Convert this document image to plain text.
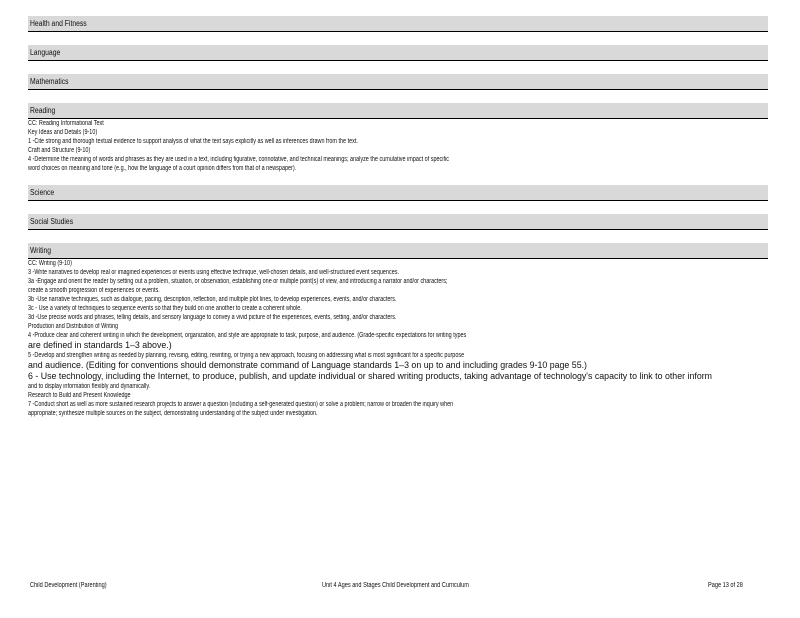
Health and Fitness
Language
Mathematics
Reading
CC: Reading Informational Text
Key Ideas and Details (9-10)
1 -Cite strong and thorough textual evidence to support analysis of what the text says explicitly as well as inferences drawn from the text.
Craft and Structure (9-10)
4 -Determine the meaning of words and phrases as they are used in a text, including figurative, connotative, and technical meanings; analyze the cumulative impact of specific
word choices on meaning and tone (e.g., how the language of a court opinion differs from that of a newspaper).
Science
Social Studies
Writing
CC: Writing (9-10)
3 -Write narratives to develop real or imagined experiences or events using effective technique, well-chosen details, and well-structured event sequences.
3a -Engage and orient the reader by setting out a problem, situation, or observation, establishing one or multiple point(s) of view, and introducing a narrator and/or characters;
create a smooth progression of experiences or events.
3b -Use narrative techniques, such as dialogue, pacing, description, reflection, and multiple plot lines, to develop experiences, events, and/or characters.
3c - Use a variety of techniques to sequence events so that they build on one another to create a coherent whole.
3d -Use precise words and phrases, telling details, and sensory language to convey a vivid picture of the experiences, events, setting, and/or characters.
Production and Distribution of Writing
4 -Produce clear and coherent writing in which the development, organization, and style are appropriate to task, purpose, and audience. (Grade-specific expectations for writing types
are defined in standards 1–3 above.)
5 -Develop and strengthen writing as needed by planning, revising, editing, rewriting, or trying a new approach, focusing on addressing what is most significant for a specific purpose
and audience. (Editing for conventions should demonstrate command of Language standards 1–3 on up to and including grades 9-10 page 55.)
6 - Use technology, including the Internet, to produce, publish, and update individual or shared writing products, taking advantage of technology's capacity to link to other inform
and to display information flexibly and dynamically.
Research to Build and Present Knowledge
7 -Conduct short as well as more sustained research projects to answer a question (including a self-generated question) or solve a problem; narrow or broaden the inquiry when
appropriate; synthesize multiple sources on the subject, demonstrating understanding of the subject under investigation.
Child Development (Parenting)	Unit 4 Ages and Stages Child Development and Curriculum	Page 13 of 28
